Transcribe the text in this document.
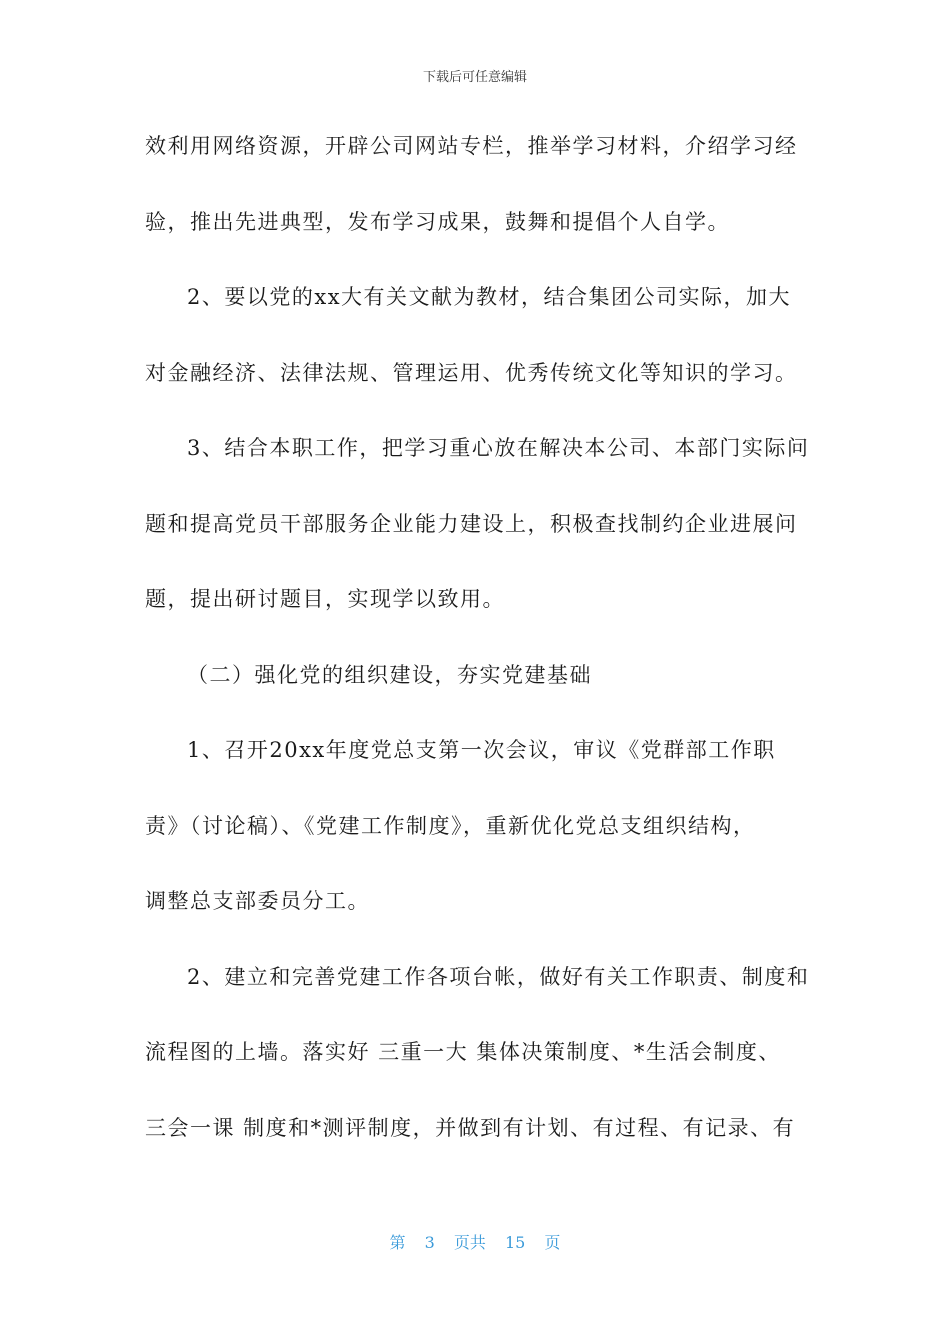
下载后可任意编辑
效利用网络资源，开辟公司网站专栏，推举学习材料，介绍学习经
验，推出先进典型，发布学习成果，鼓舞和提倡个人自学。
2、要以党的xx大有关文献为教材，结合集团公司实际，加大
对金融经济、法律法规、管理运用、优秀传统文化等知识的学习。
3、结合本职工作，把学习重心放在解决本公司、本部门实际问
题和提高党员干部服务企业能力建设上，积极查找制约企业进展问
题，提出研讨题目，实现学以致用。
（二）强化党的组织建设，夯实党建基础
1、召开20xx年度党总支第一次会议，审议《党群部工作职
责》（讨论稿）、《党建工作制度》，重新优化党总支组织结构，
调整总支部委员分工。
2、建立和完善党建工作各项台帐，做好有关工作职责、制度和
流程图的上墙。落实好 三重一大 集体决策制度、*生活会制度、
三会一课 制度和*测评制度，并做到有计划、有过程、有记录、有
第 3 页共 15 页
